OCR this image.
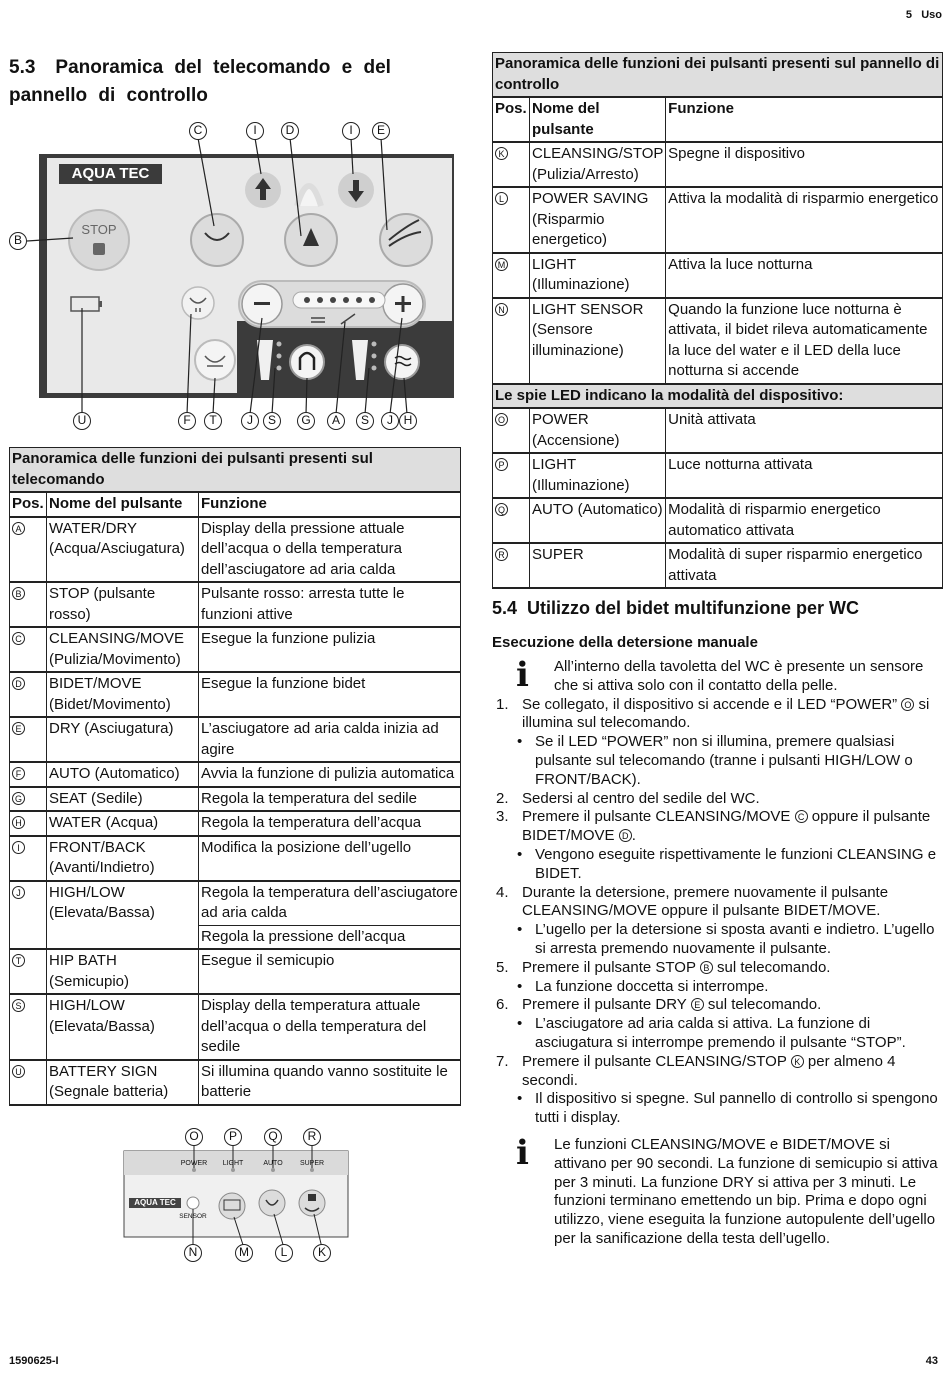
5 Uso
5.3 Panoramica del telecomando e del pannello di controllo
AQUA TEC
STOP
C	I	D	I	E
B
U	F	T	J	S	G	A	S	J H
Panoramica delle funzioni dei pulsanti presenti sul telecomando		
Pos.	Nome del pulsante	Funzione
A	WATER/DRY (Acqua/Asciugatura)	Display della pressione attuale dell’acqua o della temperatura dell’asciugatore ad aria calda
B	STOP (pulsante rosso)	Pulsante rosso: arresta tutte le funzioni attive
C	CLEANSING/MOVE (Pulizia/Movimento)	Esegue la funzione pulizia
D	BIDET/MOVE (Bidet/Movimento)	Esegue la funzione bidet
E	DRY (Asciugatura)	L’asciugatore ad aria calda inizia ad agire
F	AUTO (Automatico)	Avvia la funzione di pulizia automatica
G	SEAT (Sedile)	Regola la temperatura del sedile
H	WATER (Acqua)	Regola la temperatura dell’acqua
I	FRONT/BACK (Avanti/Indietro)	Modifica la posizione dell’ugello
J	HIGH/LOW (Elevata/Bassa)	Regola la temperatura dell’asciugatore ad aria calda
		Regola la pressione dell’acqua
T	HIP BATH (Semicupio)	Esegue il semicupio
S	HIGH/LOW (Elevata/Bassa)	Display della temperatura attuale dell’acqua o della temperatura del sedile
U	BATTERY SIGN (Segnale batteria)	Si illumina quando vanno sostituite le batterie
AQUA TEC
POWER	LIGHT	AUTO	SUPER
SENSOR
O	P	Q	R
N	M	L	K
Panoramica delle funzioni dei pulsanti presenti sul pannello di controllo		
Pos.	Nome del pulsante	Funzione
K	CLEANSING/STOP (Pulizia/Arresto)	Spegne il dispositivo
L	POWER SAVING (Risparmio energetico)	Attiva la modalità di risparmio energetico
M	LIGHT (Illuminazione)	Attiva la luce notturna
N	LIGHT SENSOR (Sensore illuminazione)	Quando la funzione luce notturna è attivata, il bidet rileva automaticamente la luce del water e il LED della luce notturna si accende
Le spie LED indicano la modalità del dispositivo:		
O	POWER (Accensione)	Unità attivata
P	LIGHT (Illuminazione)	Luce notturna attivata
Q	AUTO (Automatico)	Modalità di risparmio energetico automatico attivata
R	SUPER	Modalità di super risparmio energetico attivata
5.4 Utilizzo del bidet multifunzione per WC
Esecuzione della detersione manuale
i All’interno della tavoletta del WC è presente un sensore che si attiva solo con il contatto della pelle.
1. Se collegato, il dispositivo si accende e il LED “POWER” O si illumina sul telecomando.
• Se il LED “POWER” non si illumina, premere qualsiasi pulsante sul telecomando (tranne i pulsanti HIGH/LOW o FRONT/BACK).
2. Sedersi al centro del sedile del WC.
3. Premere il pulsante CLEANSING/MOVE C oppure il pulsante BIDET/MOVE D .
• Vengono eseguite rispettivamente le funzioni CLEANSING e BIDET.
4. Durante la detersione, premere nuovamente il pulsante CLEANSING/MOVE oppure il pulsante BIDET/MOVE.
• L’ugello per la detersione si sposta avanti e indietro. L’ugello si arresta premendo nuovamente il pulsante.
5. Premere il pulsante STOP B sul telecomando.
• La funzione doccetta si interrompe.
6. Premere il pulsante DRY E sul telecomando.
• L’asciugatore ad aria calda si attiva. La funzione di asciugatura si interrompe premendo il pulsante “STOP”.
7. Premere il pulsante CLEANSING/STOP K per almeno 4 secondi.
• Il dispositivo si spegne. Sul pannello di controllo si spengono tutti i display.
i Le funzioni CLEANSING/MOVE e BIDET/MOVE si attivano per 90 secondi. La funzione di semicupio si attiva per 3 minuti. La funzione DRY si attiva per 3 minuti. Le funzioni terminano emettendo un bip. Prima e dopo ogni utilizzo, viene eseguita la funzione autopulente dell’ugello per la sanificazione della testa dell’ugello.
1590625-I	43
